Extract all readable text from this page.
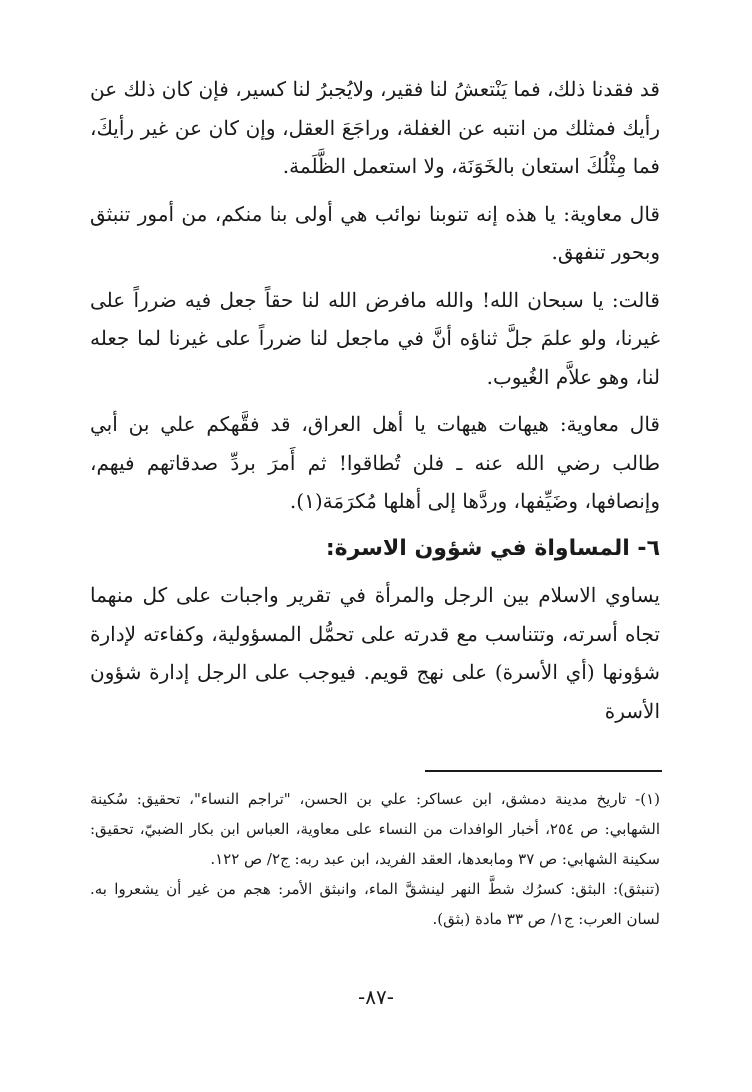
قد فقدنا ذلك، فما يَنْتعشُ لنا فقير، ولايُجبرُ لنا كسير، فإن كان ذلك عن رأيك فمثلك من انتبه عن الغفلة، وراجَعَ العقل، وإن كان عن غير رأيكَ، فما مِثْلُكَ استعان بالخَوَنَة، ولا استعمل الظَّلَمة.

قال معاوية: يا هذه إنه تنوبنا نوائب هي أولى بنا منكم، من أمور تنبثق وبحور تنفهق.

قالت: يا سبحان الله! والله مافرض الله لنا حقاً جعل فيه ضرراً على غيرنا، ولو علمَ جلَّ ثناؤه أنَّ في ماجعل لنا ضرراً على غيرنا لما جعله لنا، وهو علاَّم الغُيوب.

قال معاوية: هيهات هيهات يا أهل العراق، قد فقَّهكم علي بن أبي طالب رضي الله عنه ـ فلن تُطاقوا! ثم أَمرَ بردِّ صدقاتهم فيهم، وإنصافها، وضَيِّفها، وردَّها إلى أهلها مُكرَمَة(١).

٦- المساواة في شؤون الاسرة:

يساوي الاسلام بين الرجل والمرأة في تقرير واجبات على كل منهما تجاه أسرته، وتتناسب مع قدرته على تحمُّل المسؤولية، وكفاءته لإدارة شؤونها (أي الأسرة) على نهج قويم. فيوجب على الرجل إدارة شؤون الأسرة

(١)- تاريخ مدينة دمشق، ابن عساكر: علي بن الحسن، "تراجم النساء"، تحقيق: سُكينة الشهابي: ص ٢٥٤، أخبار الوافدات من النساء على معاوية، العباس ابن بكار الضبيّ، تحقيق: سكينة الشهابي: ص ٣٧ ومابعدها، العقد الفريد، ابن عبد ربه: ج٢/ ص ١٢٢.

(تنبثق): البثق: كسرُك شطَّ النهر لينشقَّ الماء، وانبثق الأمر: هجم من غير أن يشعروا به. لسان العرب: ج١/ ص ٣٣ مادة (بثق).

-٨٧-
